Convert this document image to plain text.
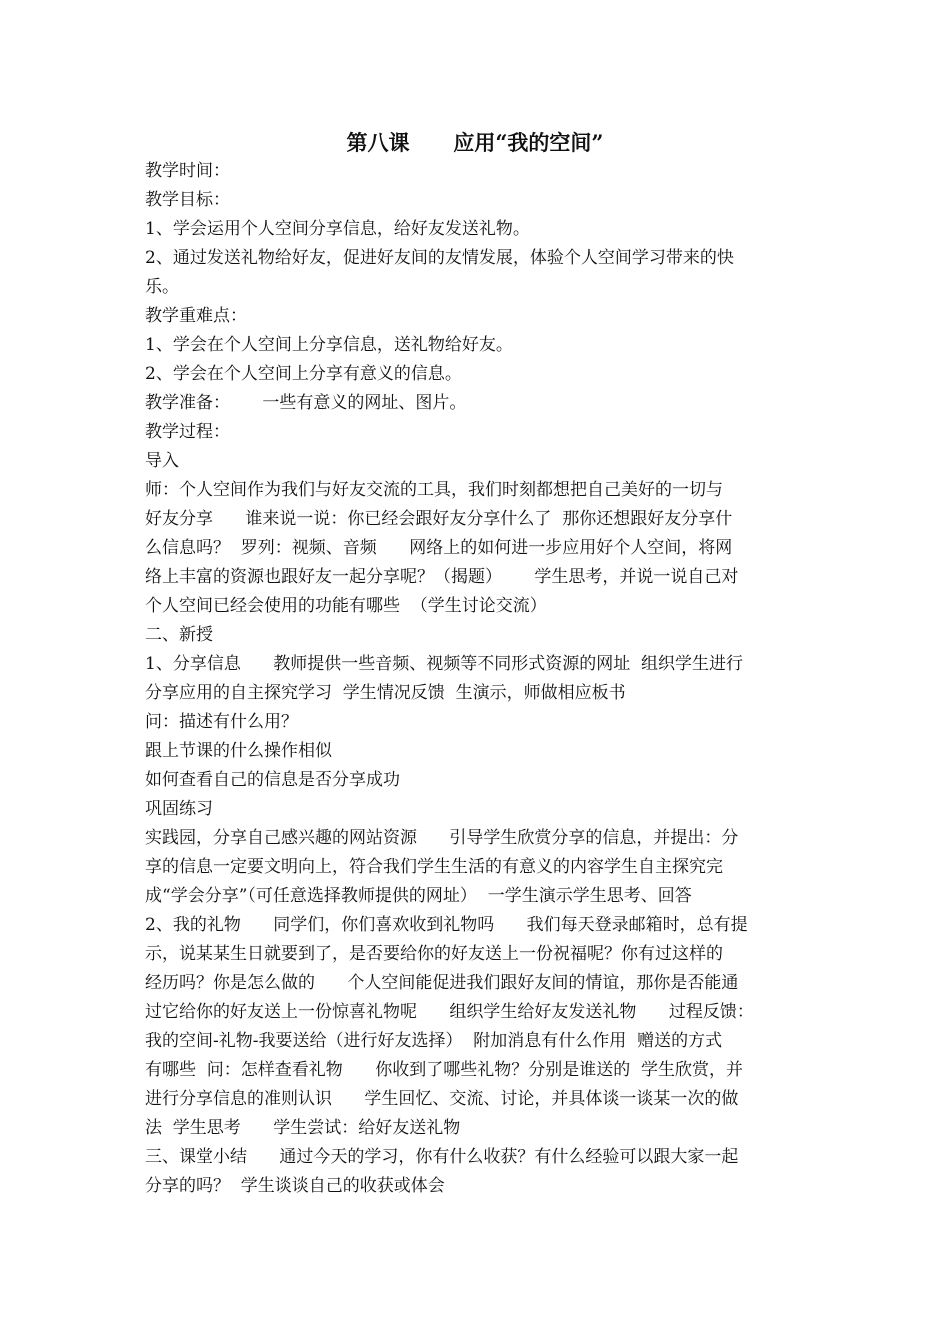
第八课      应用“我的空间”

教学时间：

教学目标：

1、学会运用个人空间分享信息，给好友发送礼物。

2、通过发送礼物给好友，促进好友间的友情发展，体验个人空间学习带来的快

乐。

教学重难点：

1、学会在个人空间上分享信息，送礼物给好友。

2、学会在个人空间上分享有意义的信息。

教学准备：      一些有意义的网址、图片。

教学过程：

导入

师：个人空间作为我们与好友交流的工具，我们时刻都想把自己美好的一切与

好友分享      谁来说一说：你已经会跟好友分享什么了  那你还想跟好友分享什

么信息吗？  罗列：视频、音频      网络上的如何进一步应用好个人空间，将网

络上丰富的资源也跟好友一起分享呢？（揭题）      学生思考，并说一说自己对

个人空间已经会使用的功能有哪些  （学生讨论交流）

二、新授

1、分享信息      教师提供一些音频、视频等不同形式资源的网址  组织学生进行

分享应用的自主探究学习  学生情况反馈  生演示，师做相应板书

问：描述有什么用？

跟上节课的什么操作相似

如何查看自己的信息是否分享成功

巩固练习

实践园，分享自己感兴趣的网站资源      引导学生欣赏分享的信息，并提出：分

享的信息一定要文明向上，符合我们学生生活的有意义的内容学生自主探究完

成“学会分享”（可任意选择教师提供的网址）  一学生演示学生思考、回答

2、我的礼物      同学们，你们喜欢收到礼物吗      我们每天登录邮箱时，总有提

示，说某某生日就要到了，是否要给你的好友送上一份祝福呢？你有过这样的

经历吗？你是怎么做的      个人空间能促进我们跟好友间的情谊，那你是否能通

过它给你的好友送上一份惊喜礼物呢      组织学生给好友发送礼物      过程反馈：

我的空间-礼物-我要送给（进行好友选择）  附加消息有什么作用  赠送的方式

有哪些  问：怎样查看礼物      你收到了哪些礼物？分别是谁送的  学生欣赏，并

进行分享信息的准则认识      学生回忆、交流、讨论，并具体谈一谈某一次的做

法  学生思考      学生尝试：给好友送礼物

三、课堂小结      通过今天的学习，你有什么收获？有什么经验可以跟大家一起

分享的吗？  学生谈谈自己的收获或体会
